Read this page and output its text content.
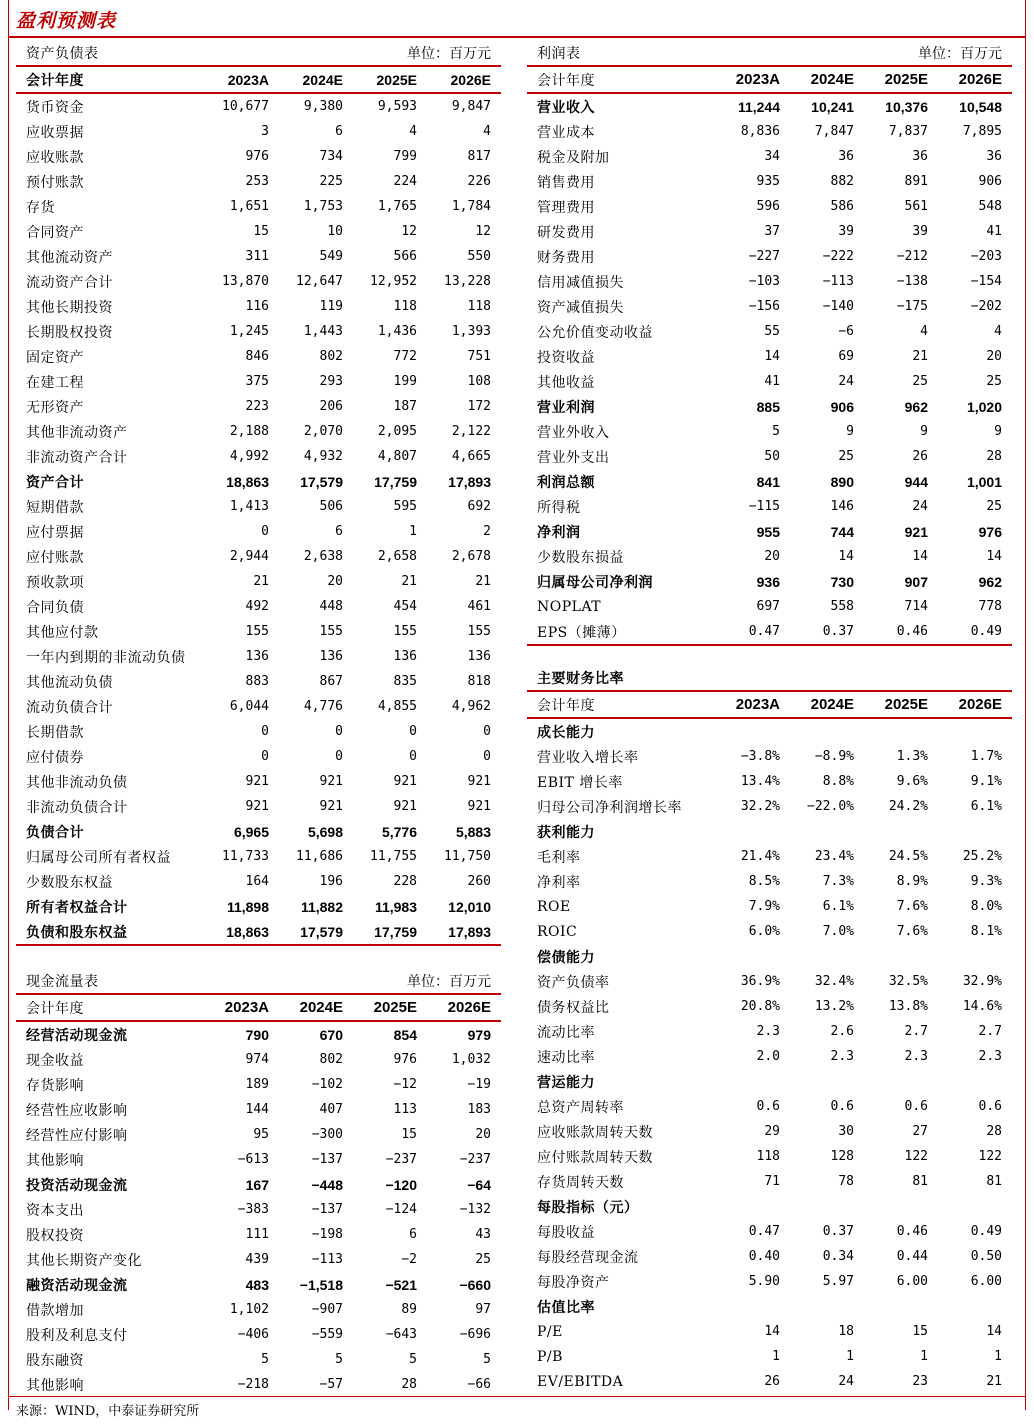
盈利预测表
资产负债表	单位：百万元
会计年度	2023A	2024E	2025E	2026E
货币资金	10,677	9,380	9,593	9,847
应收票据	3	6	4	4
应收账款	976	734	799	817
预付账款	253	225	224	226
存货	1,651	1,753	1,765	1,784
合同资产	15	10	12	12
其他流动资产	311	549	566	550
流动资产合计	13,870	12,647	12,952	13,228
其他长期投资	116	119	118	118
长期股权投资	1,245	1,443	1,436	1,393
固定资产	846	802	772	751
在建工程	375	293	199	108
无形资产	223	206	187	172
其他非流动资产	2,188	2,070	2,095	2,122
非流动资产合计	4,992	4,932	4,807	4,665
资产合计	18,863	17,579	17,759	17,893
短期借款	1,413	506	595	692
应付票据	0	6	1	2
应付账款	2,944	2,638	2,658	2,678
预收款项	21	20	21	21
合同负债	492	448	454	461
其他应付款	155	155	155	155
一年内到期的非流动负债	136	136	136	136
其他流动负债	883	867	835	818
流动负债合计	6,044	4,776	4,855	4,962
长期借款	0	0	0	0
应付债券	0	0	0	0
其他非流动负债	921	921	921	921
非流动负债合计	921	921	921	921
负债合计	6,965	5,698	5,776	5,883
归属母公司所有者权益	11,733	11,686	11,755	11,750
少数股东权益	164	196	228	260
所有者权益合计	11,898	11,882	11,983	12,010
负债和股东权益	18,863	17,579	17,759	17,893
利润表	单位：百万元
会计年度	2023A	2024E	2025E	2026E
营业收入	11,244	10,241	10,376	10,548
营业成本	8,836	7,847	7,837	7,895
税金及附加	34	36	36	36
销售费用	935	882	891	906
管理费用	596	586	561	548
研发费用	37	39	39	41
财务费用	−227	−222	−212	−203
信用减值损失	−103	−113	−138	−154
资产减值损失	−156	−140	−175	−202
公允价值变动收益	55	−6	4	4
投资收益	14	69	21	20
其他收益	41	24	25	25
营业利润	885	906	962	1,020
营业外收入	5	9	9	9
营业外支出	50	25	26	28
利润总额	841	890	944	1,001
所得税	−115	146	24	25
净利润	955	744	921	976
少数股东损益	20	14	14	14
归属母公司净利润	936	730	907	962
NOPLAT	697	558	714	778
EPS（摊薄）	0.47	0.37	0.46	0.49
主要财务比率
会计年度	2023A	2024E	2025E	2026E
成长能力
营业收入增长率	−3.8%	−8.9%	1.3%	1.7%
EBIT 增长率	13.4%	8.8%	9.6%	9.1%
归母公司净利润增长率	32.2%	−22.0%	24.2%	6.1%
获利能力
毛利率	21.4%	23.4%	24.5%	25.2%
净利率	8.5%	7.3%	8.9%	9.3%
ROE	7.9%	6.1%	7.6%	8.0%
ROIC	6.0%	7.0%	7.6%	8.1%
偿债能力
资产负债率	36.9%	32.4%	32.5%	32.9%
债务权益比	20.8%	13.2%	13.8%	14.6%
流动比率	2.3	2.6	2.7	2.7
速动比率	2.0	2.3	2.3	2.3
营运能力
总资产周转率	0.6	0.6	0.6	0.6
应收账款周转天数	29	30	27	28
应付账款周转天数	118	128	122	122
存货周转天数	71	78	81	81
每股指标（元）
每股收益	0.47	0.37	0.46	0.49
每股经营现金流	0.40	0.34	0.44	0.50
每股净资产	5.90	5.97	6.00	6.00
估值比率
P/E	14	18	15	14
P/B	1	1	1	1
EV/EBITDA	26	24	23	21
现金流量表	单位：百万元
会计年度	2023A	2024E	2025E	2026E
经营活动现金流	790	670	854	979
现金收益	974	802	976	1,032
存货影响	189	−102	−12	−19
经营性应收影响	144	407	113	183
经营性应付影响	95	−300	15	20
其他影响	−613	−137	−237	−237
投资活动现金流	167	−448	−120	−64
资本支出	−383	−137	−124	−132
股权投资	111	−198	6	43
其他长期资产变化	439	−113	−2	25
融资活动现金流	483	−1,518	−521	−660
借款增加	1,102	−907	89	97
股利及利息支付	−406	−559	−643	−696
股东融资	5	5	5	5
其他影响	−218	−57	28	−66
来源：WIND，中泰证券研究所
